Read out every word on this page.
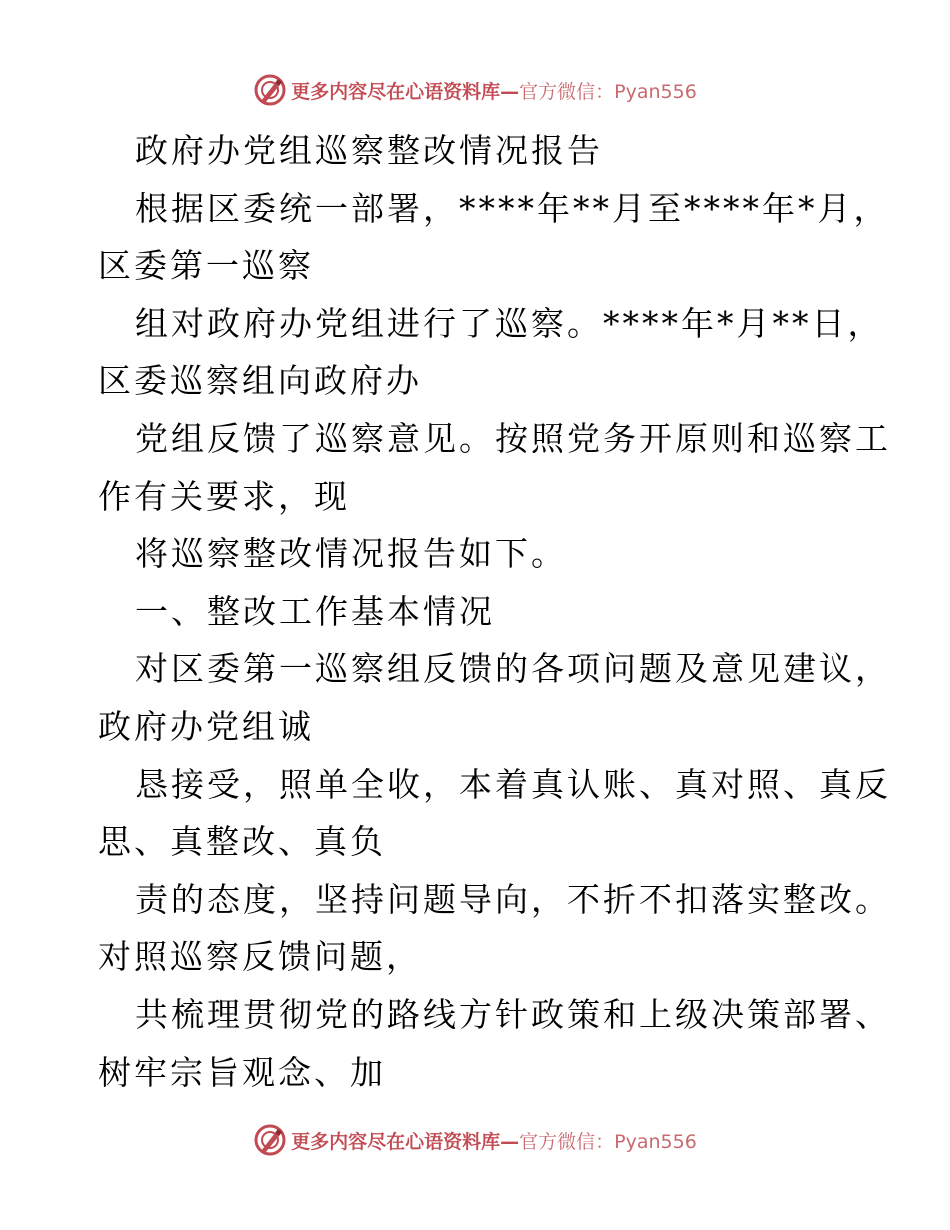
更多内容尽在心语资料库—官方微信：Pyan556
政府办党组巡察整改情况报告
根据区委统一部署，****年**月至****年*月，
区委第一巡察
组对政府办党组进行了巡察。****年*月**日，
区委巡察组向政府办
党组反馈了巡察意见。按照党务开原则和巡察工
作有关要求，现
将巡察整改情况报告如下。
一、整改工作基本情况
对区委第一巡察组反馈的各项问题及意见建议，
政府办党组诚
恳接受，照单全收，本着真认账、真对照、真反
思、真整改、真负
责的态度，坚持问题导向，不折不扣落实整改。
对照巡察反馈问题，
共梳理贯彻党的路线方针政策和上级决策部署、
树牢宗旨观念、加
更多内容尽在心语资料库—官方微信：Pyan556
